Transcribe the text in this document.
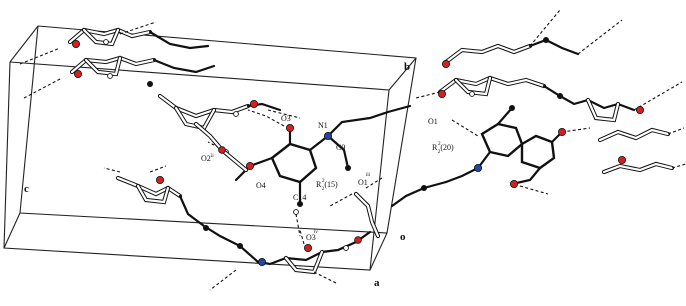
O3
N1
C9
O2$^{ii}$
O4
C14
$R^2$ 2(15)	O1iii
O3iv
$R^2$ 2(20)
O1
a
b
c
o
